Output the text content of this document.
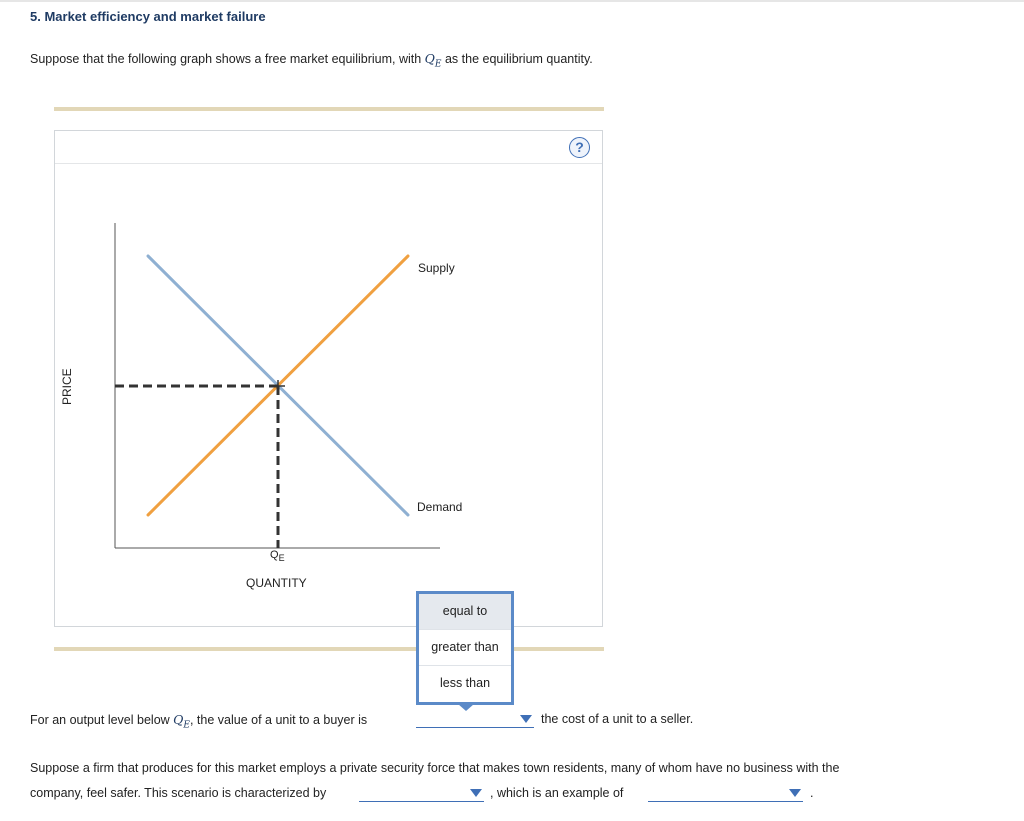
5. Market efficiency and market failure
Suppose that the following graph shows a free market equilibrium, with $Q_E$ as the equilibrium quantity.
?
PRICE
QUANTITY
Supply
Demand
$Q_E$
equal to
greater than
less than
For an output level below $Q_E$, the value of a unit to a buyer is	the cost of a unit to a seller.
Suppose a firm that produces for this market employs a private security force that makes town residents, many of whom have no business with the
company, feel safer. This scenario is characterized by	, which is an example of	.
